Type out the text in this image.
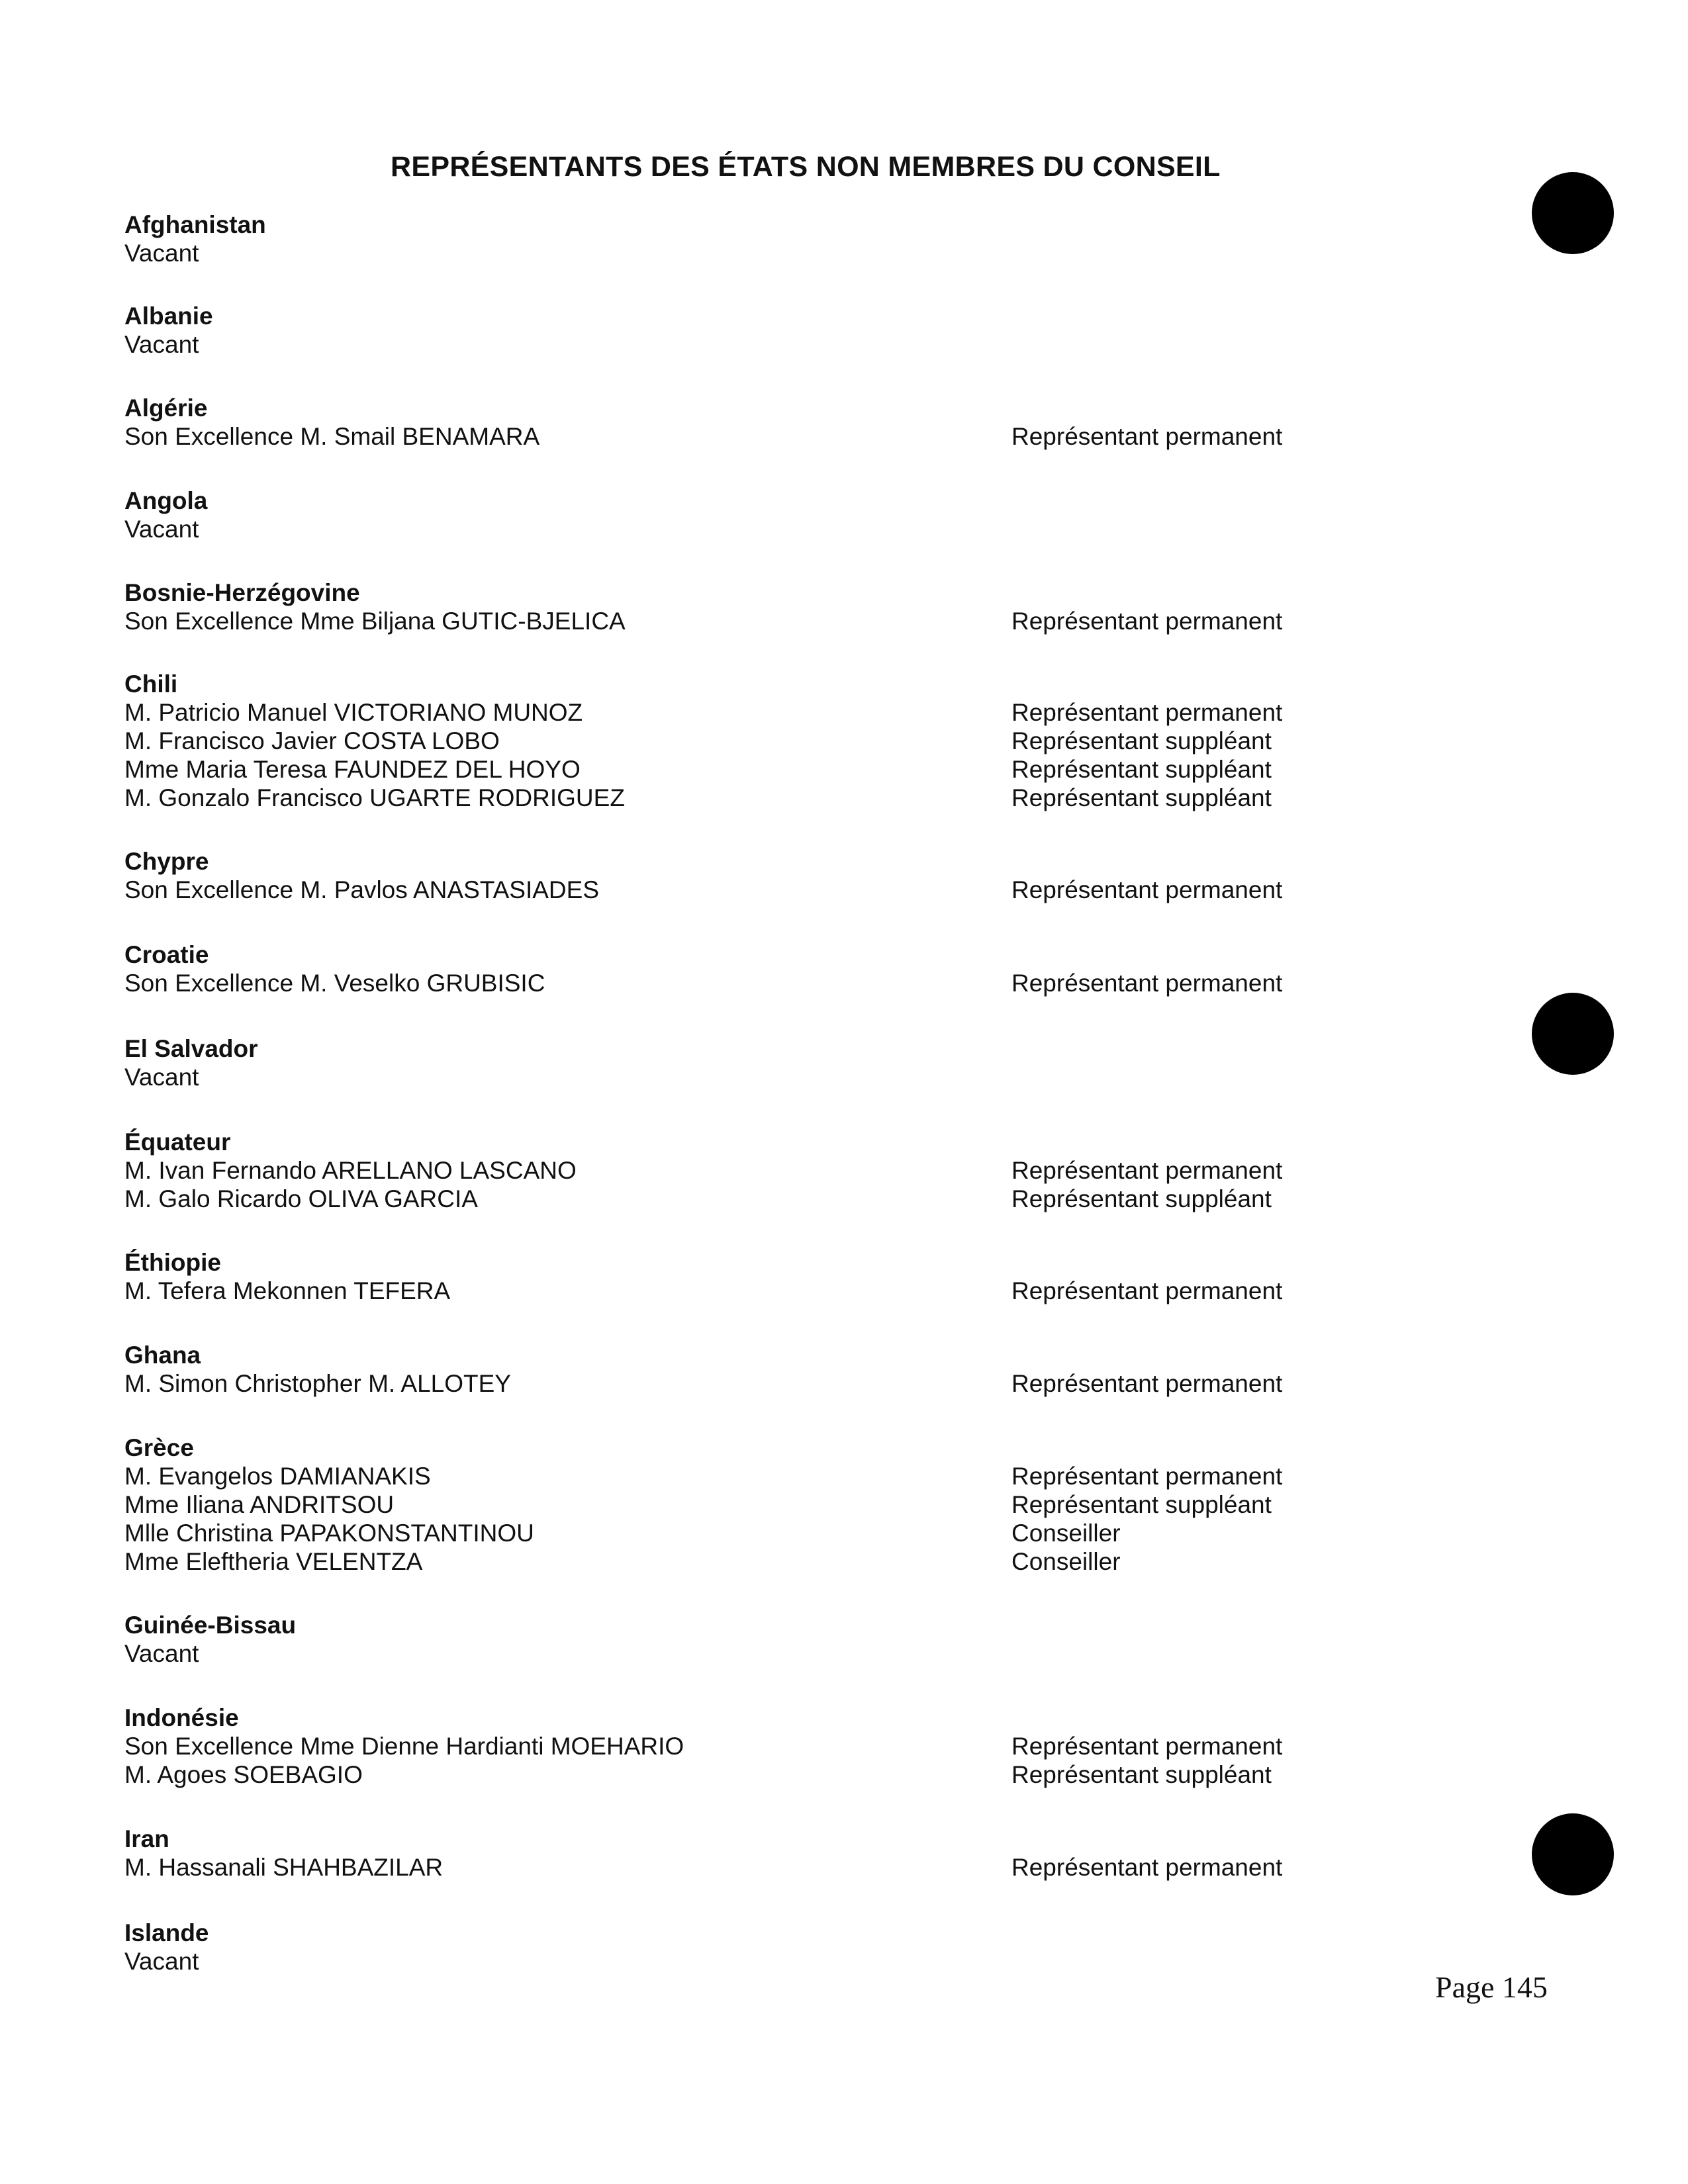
REPRÉSENTANTS DES ÉTATS NON MEMBRES DU CONSEIL
Afghanistan
Vacant
Albanie
Vacant
Algérie
Son Excellence M. Smail BENAMARA	Représentant permanent
Angola
Vacant
Bosnie-Herzégovine
Son Excellence Mme Biljana GUTIC-BJELICA	Représentant permanent
Chili
M. Patricio Manuel VICTORIANO MUNOZ	Représentant permanent
M. Francisco Javier COSTA LOBO	Représentant suppléant
Mme Maria Teresa FAUNDEZ DEL HOYO	Représentant suppléant
M. Gonzalo Francisco UGARTE RODRIGUEZ	Représentant suppléant
Chypre
Son Excellence M. Pavlos ANASTASIADES	Représentant permanent
Croatie
Son Excellence M. Veselko GRUBISIC	Représentant permanent
El Salvador
Vacant
Équateur
M. Ivan Fernando ARELLANO LASCANO	Représentant permanent
M. Galo Ricardo OLIVA GARCIA	Représentant suppléant
Éthiopie
M. Tefera Mekonnen TEFERA	Représentant permanent
Ghana
M. Simon Christopher M. ALLOTEY	Représentant permanent
Grèce
M. Evangelos DAMIANAKIS	Représentant permanent
Mme Iliana ANDRITSOU	Représentant suppléant
Mlle Christina PAPAKONSTANTINOU	Conseiller
Mme Eleftheria VELENTZA	Conseiller
Guinée-Bissau
Vacant
Indonésie
Son Excellence Mme Dienne Hardianti MOEHARIO	Représentant permanent
M. Agoes SOEBAGIO	Représentant suppléant
Iran
M. Hassanali SHAHBAZILAR	Représentant permanent
Islande
Vacant
Page 145
